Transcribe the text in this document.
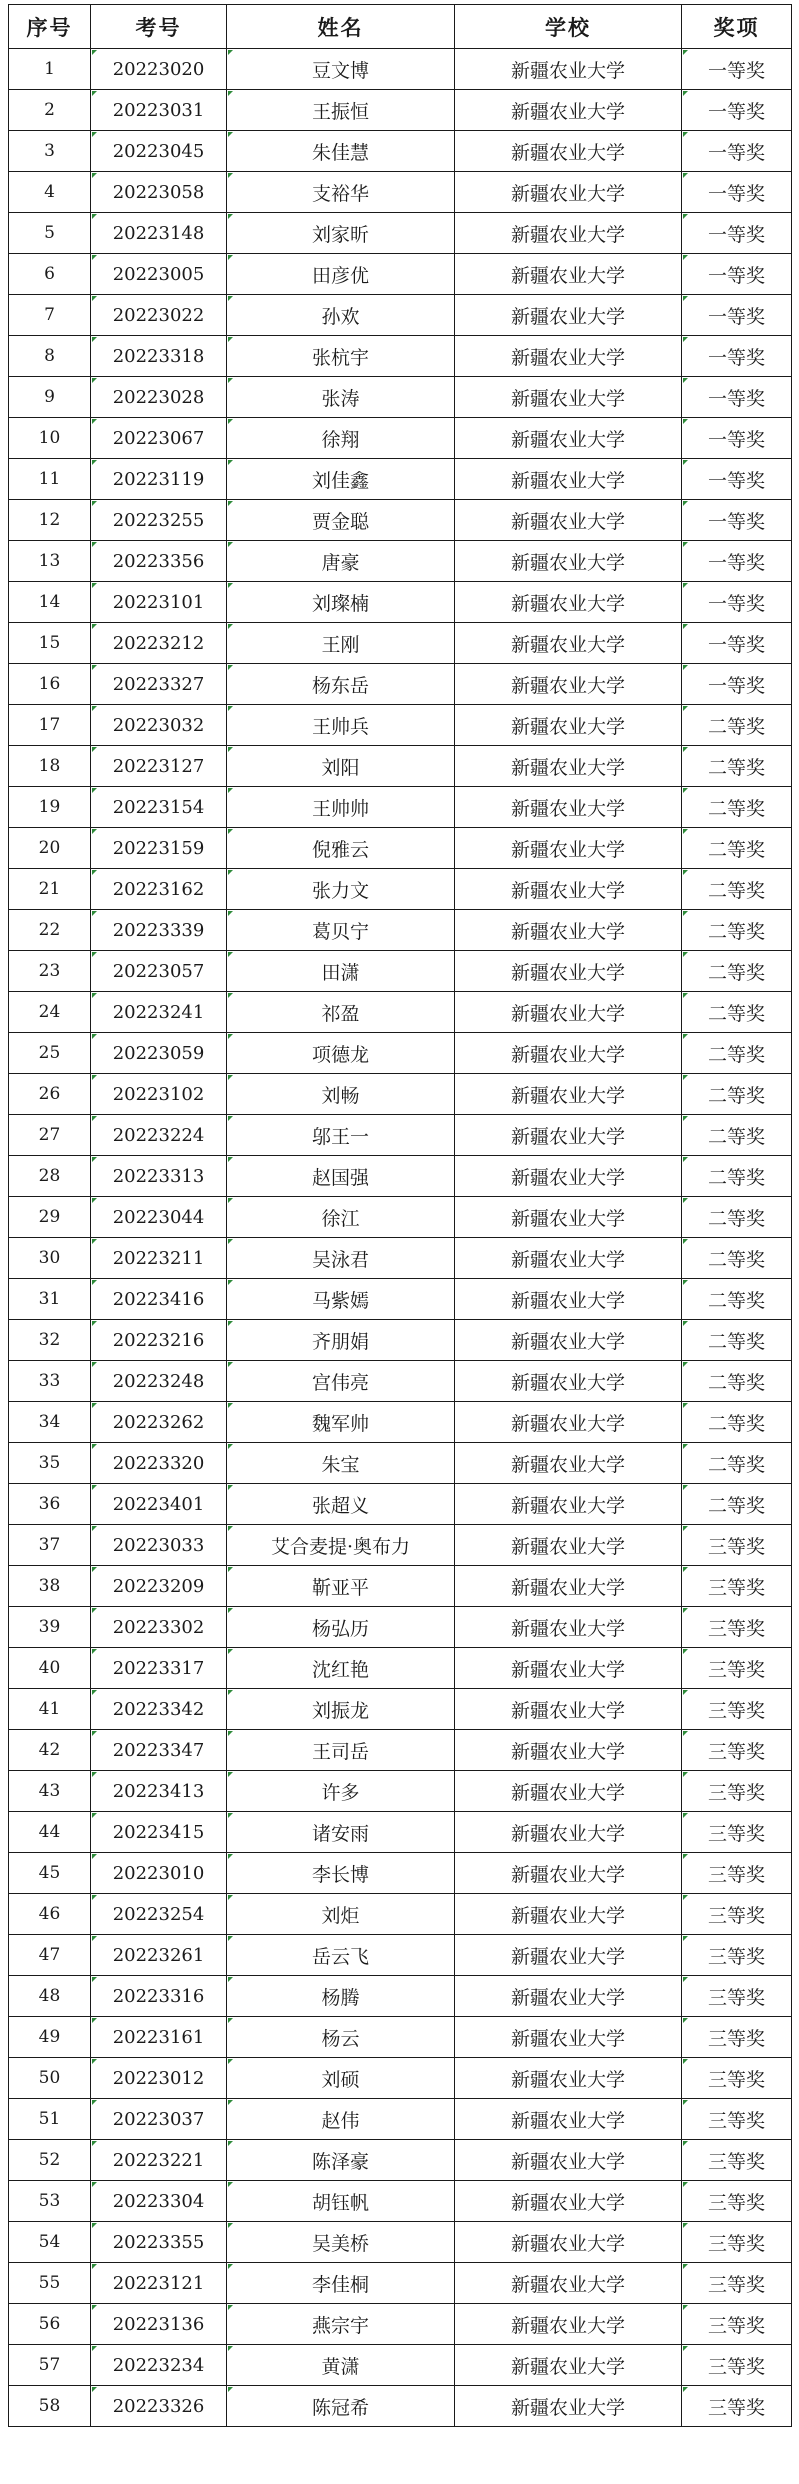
序号	考号	姓名	学校	奖项
1	20223020	豆文博	新疆农业大学	一等奖
2	20223031	王振恒	新疆农业大学	一等奖
3	20223045	朱佳慧	新疆农业大学	一等奖
4	20223058	支裕华	新疆农业大学	一等奖
5	20223148	刘家昕	新疆农业大学	一等奖
6	20223005	田彦优	新疆农业大学	一等奖
7	20223022	孙欢	新疆农业大学	一等奖
8	20223318	张杭宇	新疆农业大学	一等奖
9	20223028	张涛	新疆农业大学	一等奖
10	20223067	徐翔	新疆农业大学	一等奖
11	20223119	刘佳鑫	新疆农业大学	一等奖
12	20223255	贾金聪	新疆农业大学	一等奖
13	20223356	唐豪	新疆农业大学	一等奖
14	20223101	刘璨楠	新疆农业大学	一等奖
15	20223212	王刚	新疆农业大学	一等奖
16	20223327	杨东岳	新疆农业大学	一等奖
17	20223032	王帅兵	新疆农业大学	二等奖
18	20223127	刘阳	新疆农业大学	二等奖
19	20223154	王帅帅	新疆农业大学	二等奖
20	20223159	倪雅云	新疆农业大学	二等奖
21	20223162	张力文	新疆农业大学	二等奖
22	20223339	葛贝宁	新疆农业大学	二等奖
23	20223057	田潇	新疆农业大学	二等奖
24	20223241	祁盈	新疆农业大学	二等奖
25	20223059	项德龙	新疆农业大学	二等奖
26	20223102	刘畅	新疆农业大学	二等奖
27	20223224	邬王一	新疆农业大学	二等奖
28	20223313	赵国强	新疆农业大学	二等奖
29	20223044	徐江	新疆农业大学	二等奖
30	20223211	吴泳君	新疆农业大学	二等奖
31	20223416	马紫嫣	新疆农业大学	二等奖
32	20223216	齐朋娟	新疆农业大学	二等奖
33	20223248	宫伟亮	新疆农业大学	二等奖
34	20223262	魏军帅	新疆农业大学	二等奖
35	20223320	朱宝	新疆农业大学	二等奖
36	20223401	张超义	新疆农业大学	二等奖
37	20223033	艾合麦提·奥布力	新疆农业大学	三等奖
38	20223209	靳亚平	新疆农业大学	三等奖
39	20223302	杨弘历	新疆农业大学	三等奖
40	20223317	沈红艳	新疆农业大学	三等奖
41	20223342	刘振龙	新疆农业大学	三等奖
42	20223347	王司岳	新疆农业大学	三等奖
43	20223413	许多	新疆农业大学	三等奖
44	20223415	诸安雨	新疆农业大学	三等奖
45	20223010	李长博	新疆农业大学	三等奖
46	20223254	刘炬	新疆农业大学	三等奖
47	20223261	岳云飞	新疆农业大学	三等奖
48	20223316	杨腾	新疆农业大学	三等奖
49	20223161	杨云	新疆农业大学	三等奖
50	20223012	刘硕	新疆农业大学	三等奖
51	20223037	赵伟	新疆农业大学	三等奖
52	20223221	陈泽豪	新疆农业大学	三等奖
53	20223304	胡钰帆	新疆农业大学	三等奖
54	20223355	吴美桥	新疆农业大学	三等奖
55	20223121	李佳桐	新疆农业大学	三等奖
56	20223136	燕宗宇	新疆农业大学	三等奖
57	20223234	黄潇	新疆农业大学	三等奖
58	20223326	陈冠希	新疆农业大学	三等奖
